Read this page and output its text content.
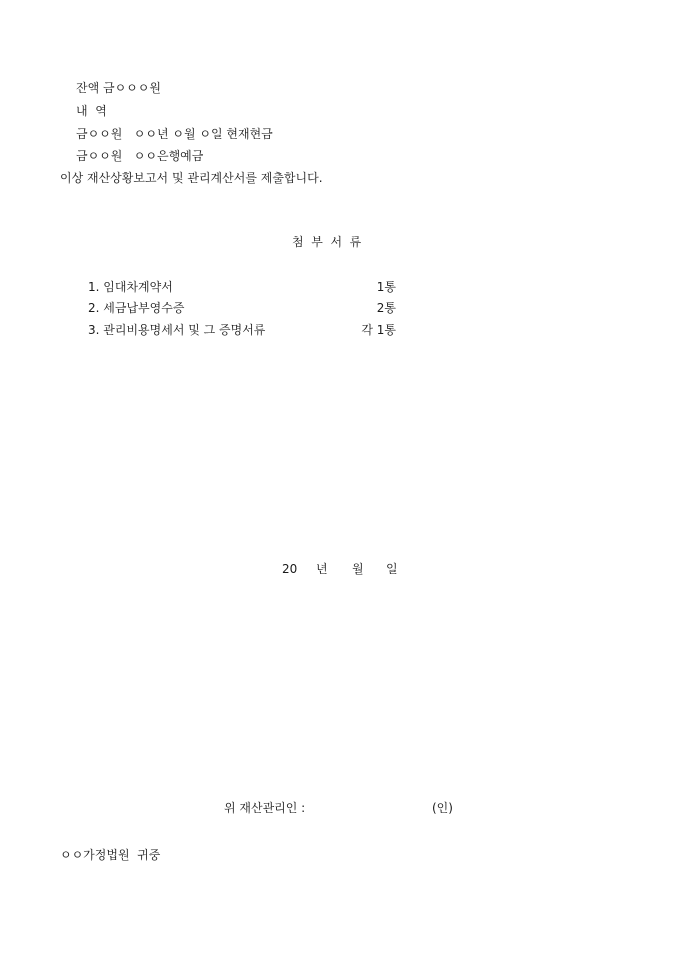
잔액 금ㅇㅇㅇ원
내  역
금ㅇㅇ원   ㅇㅇ년 ㅇ월 ㅇ일 현재현금
금ㅇㅇ원   ㅇㅇ은행예금
이상 재산상황보고서 및 관리계산서를 제출합니다.
첨  부  서  류
1. 임대차계약서	1통
2. 세금납부영수증	2통
3. 관리비용명세서 및 그 증명서류	각 1통
20 년 월 일
위 재산관리인 :	(인)
ㅇㅇ가정법원  귀중
